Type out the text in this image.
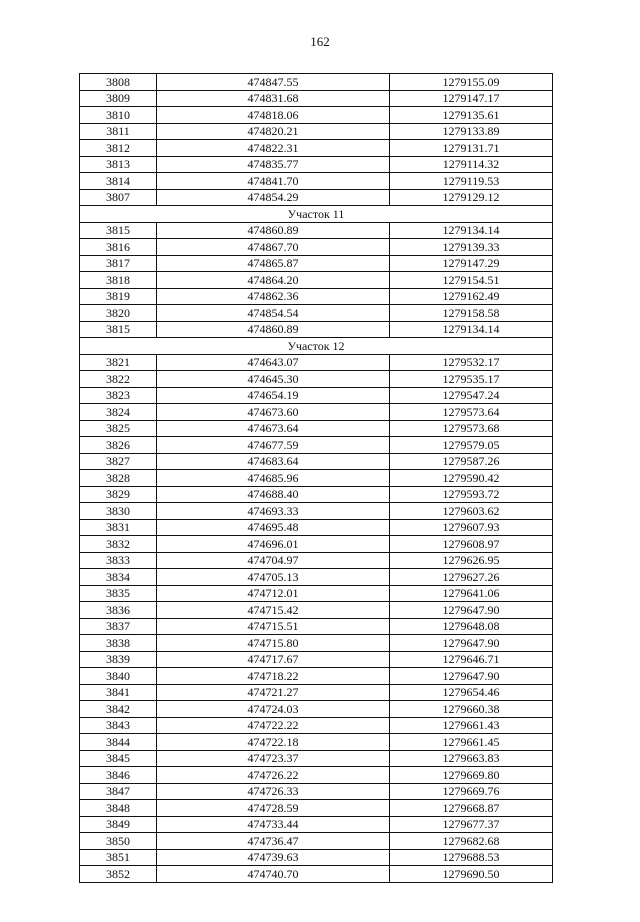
162
3808	474847.55	1279155.09
3809	474831.68	1279147.17
3810	474818.06	1279135.61
3811	474820.21	1279133.89
3812	474822.31	1279131.71
3813	474835.77	1279114.32
3814	474841.70	1279119.53
3807	474854.29	1279129.12
Участок 11		
3815	474860.89	1279134.14
3816	474867.70	1279139.33
3817	474865.87	1279147.29
3818	474864.20	1279154.51
3819	474862.36	1279162.49
3820	474854.54	1279158.58
3815	474860.89	1279134.14
Участок 12		
3821	474643.07	1279532.17
3822	474645.30	1279535.17
3823	474654.19	1279547.24
3824	474673.60	1279573.64
3825	474673.64	1279573.68
3826	474677.59	1279579.05
3827	474683.64	1279587.26
3828	474685.96	1279590.42
3829	474688.40	1279593.72
3830	474693.33	1279603.62
3831	474695.48	1279607.93
3832	474696.01	1279608.97
3833	474704.97	1279626.95
3834	474705.13	1279627.26
3835	474712.01	1279641.06
3836	474715.42	1279647.90
3837	474715.51	1279648.08
3838	474715.80	1279647.90
3839	474717.67	1279646.71
3840	474718.22	1279647.90
3841	474721.27	1279654.46
3842	474724.03	1279660.38
3843	474722.22	1279661.43
3844	474722.18	1279661.45
3845	474723.37	1279663.83
3846	474726.22	1279669.80
3847	474726.33	1279669.76
3848	474728.59	1279668.87
3849	474733.44	1279677.37
3850	474736.47	1279682.68
3851	474739.63	1279688.53
3852	474740.70	1279690.50
